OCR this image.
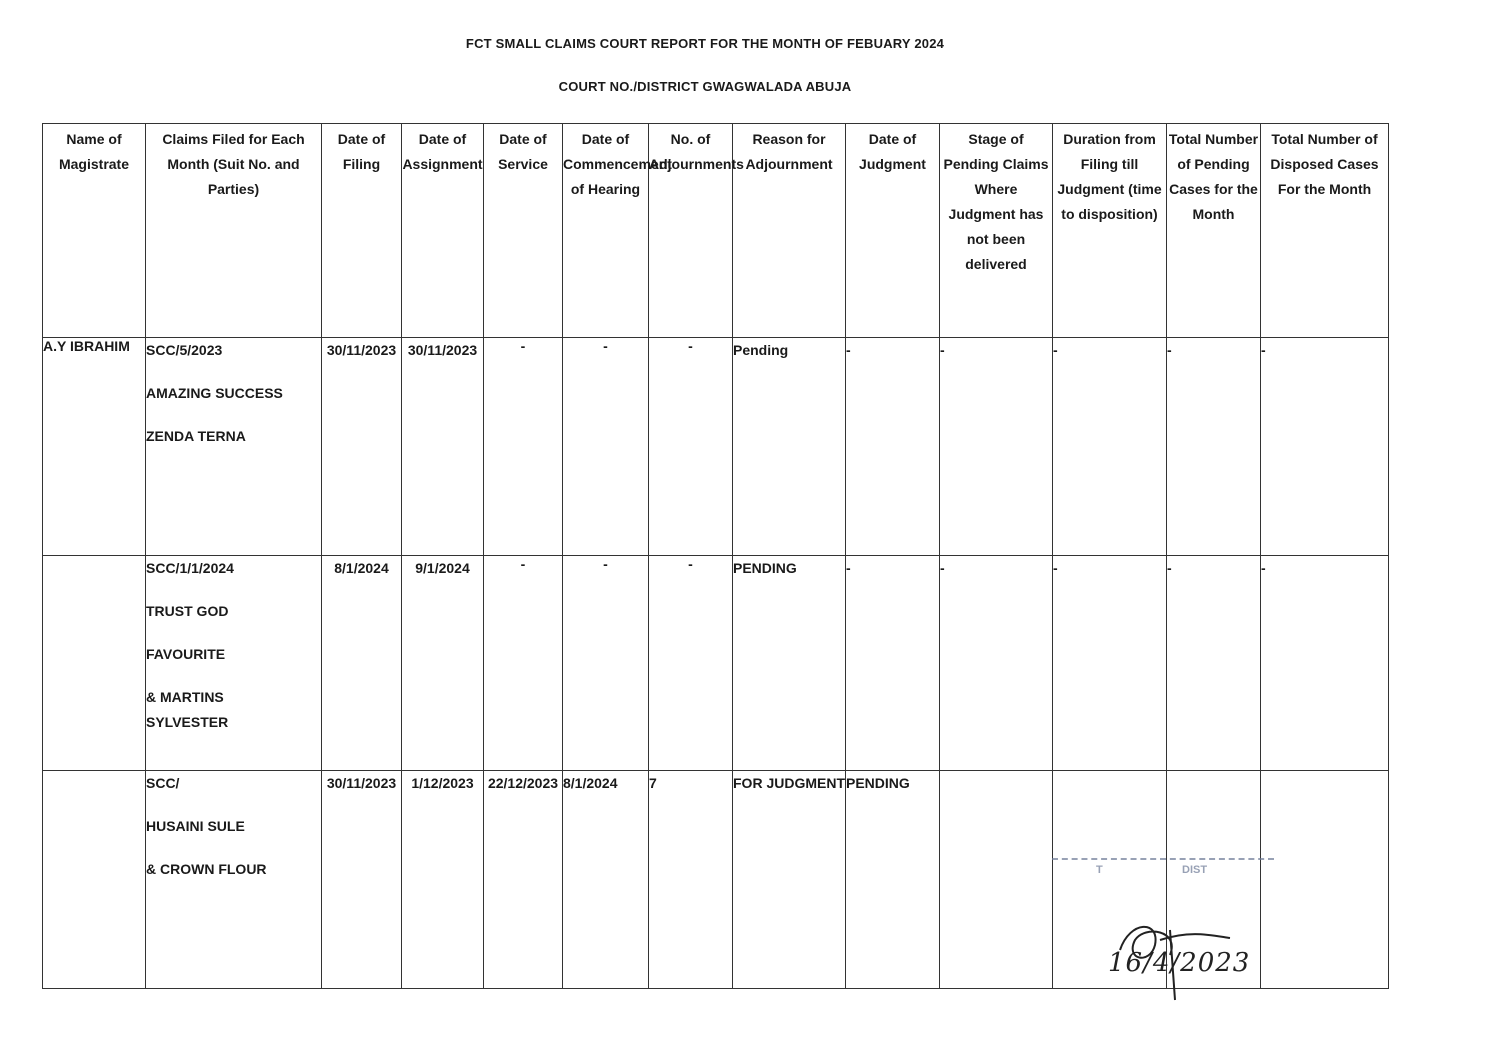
FCT SMALL CLAIMS COURT REPORT FOR THE MONTH OF FEBUARY 2024
COURT NO./DISTRICT GWAGWALADA ABUJA
Name of Magistrate	Claims Filed for Each Month (Suit No. and Parties)	Date of Filing	Date of Assignment	Date of Service	Date of Commencement of Hearing	No. of Adjournments	Reason for Adjournment	Date of Judgment	Stage of Pending Claims Where Judgment has not been delivered	Duration from Filing till Judgment (time to disposition)	Total Number of Pending Cases for the Month	Total Number of Disposed Cases For the Month
A.Y IBRAHIM	SCC/5/2023
AMAZING SUCCESS
ZENDA TERNA	30/11/2023	30/11/2023	-	-	-	Pending	-	-	-	-	-

	SCC/1/1/2024
TRUST GOD
FAVOURITE
& MARTINS SYLVESTER	8/1/2024	9/1/2024	-	-	-	PENDING	-	-	-	-	-

	SCC/
HUSAINI SULE
& CROWN FLOUR	30/11/2023	1/12/2023	22/12/2023	8/1/2024	7	FOR JUDGMENT	PENDING				
T	DIST
16/4/2023
